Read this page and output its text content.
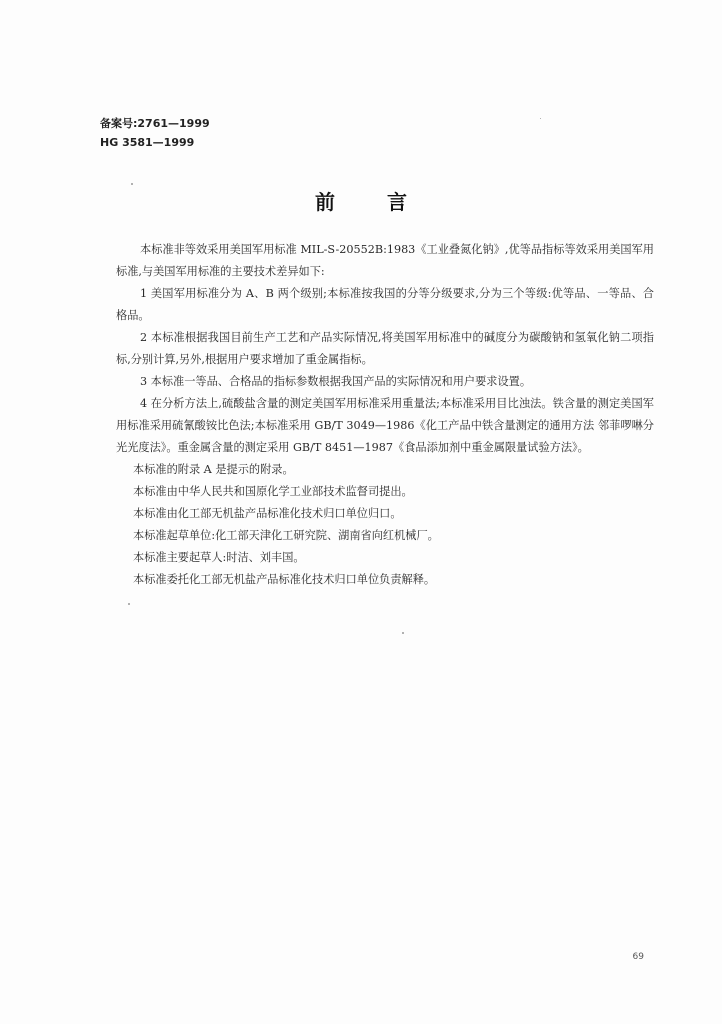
备案号:2761—1999
HG 3581—1999
前言

本标准非等效采用美国军用标准 MIL-S-20552B:1983《工业叠氮化钠》,优等品指标等效采用美国军用标准,与美国军用标准的主要技术差异如下:

1 美国军用标准分为 A、B 两个级别;本标准按我国的分等分级要求,分为三个等级:优等品、一等品、合格品。

2 本标准根据我国目前生产工艺和产品实际情况,将美国军用标准中的碱度分为碳酸钠和氢氧化钠二项指标,分别计算,另外,根据用户要求增加了重金属指标。

3 本标准一等品、合格品的指标参数根据我国产品的实际情况和用户要求设置。

4 在分析方法上,硫酸盐含量的测定美国军用标准采用重量法;本标准采用目比浊法。铁含量的测定美国军用标准采用硫氰酸铵比色法;本标准采用 GB/T 3049—1986《化工产品中铁含量测定的通用方法 邻菲啰啉分光光度法》。重金属含量的测定采用 GB/T 8451—1987《食品添加剂中重金属限量试验方法》。

本标准的附录 A 是提示的附录。

本标准由中华人民共和国原化学工业部技术监督司提出。

本标准由化工部无机盐产品标准化技术归口单位归口。

本标准起草单位:化工部天津化工研究院、湖南省向红机械厂。

本标准主要起草人:时洁、刘丰国。

本标准委托化工部无机盐产品标准化技术归口单位负责解释。

69
